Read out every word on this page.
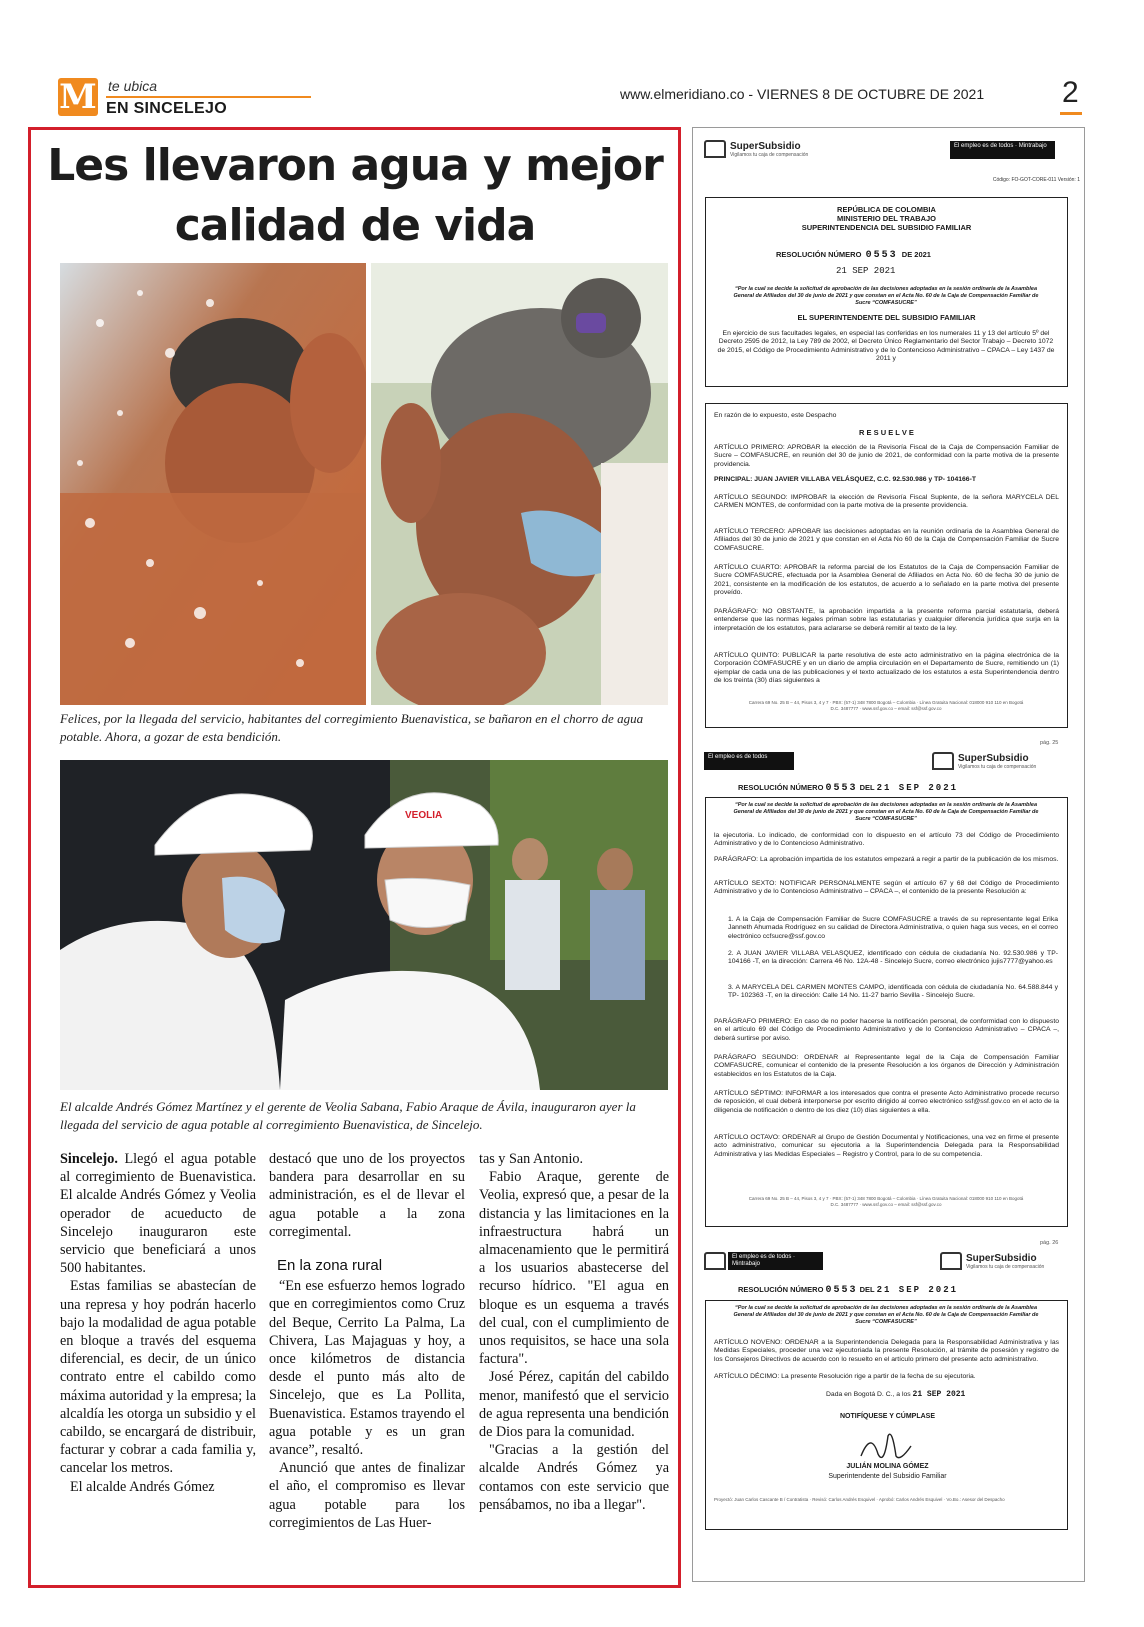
M te ubica
EN SINCELEJO
www.elmeridiano.co - VIERNES 8 DE OCTUBRE DE 2021	2
Les llevaron agua y mejor calidad de vida
Felices, por la llegada del servicio, habitantes del corregimiento Buenavistica, se bañaron en el chorro de agua potable. Ahora, a gozar de esta bendición.
VEOLIA
El alcalde Andrés Gómez Martínez y el gerente de Veolia Sabana, Fabio Araque de Ávila, inauguraron ayer la llegada del servicio de agua potable al corregimiento Buenavistica, de Sincelejo.

Sincelejo. Llegó el agua potable al corregimiento de Buenavistica. El alcalde Andrés Gómez y Veolia operador de acueducto de Sincelejo inauguraron este servicio que beneficiará a unos 500 habitantes.

Estas familias se abastecían de una represa y hoy podrán hacerlo bajo la modalidad de agua potable en bloque a través del esquema diferencial, es decir, de un único contrato entre el cabildo como máxima autoridad y la empresa; la alcaldía les otorga un subsidio y el cabildo, se encargará de distribuir, facturar y cobrar a cada familia y, cancelar los metros.

El alcalde Andrés Gómez

destacó que uno de los proyectos bandera para desarrollar en su administración, es el de llevar el agua potable a la zona corregimental.

En la zona rural

“En ese esfuerzo hemos logrado que en corregimientos como Cruz del Beque, Cerrito La Palma, La Chivera, Las Majaguas y hoy, a once kilómetros de distancia desde el punto más alto de Sincelejo, que es La Pollita, Buenavistica. Estamos trayendo el agua potable y es un gran avance”, resaltó.

Anunció que antes de finalizar el año, el compromiso es llevar agua potable para los corregimientos de Las Huer-

tas y San Antonio.

Fabio Araque, gerente de Veolia, expresó que, a pesar de la distancia y las limitaciones en la infraestructura habrá un almacenamiento que le permitirá a los usuarios abastecerse del recurso hídrico. "El agua en bloque es un esquema a través del cual, con el cumplimiento de unos requisitos, se hace una sola factura".

José Pérez, capitán del cabildo menor, manifestó que el servicio de agua representa una bendición de Dios para la comunidad.

"Gracias a la gestión del alcalde Andrés Gómez ya contamos con este servicio que pensábamos, no iba a llegar".

SuperSubsidio
Vigilamos tu caja de compensación
El empleo es de todos · Mintrabajo
Código: FO-GOT-CORE-011 Versión: 1
REPÚBLICA DE COLOMBIA
MINISTERIO DEL TRABAJO
SUPERINTENDENCIA DEL SUBSIDIO FAMILIAR
RESOLUCIÓN NÚMERO 0553 DE 2021
21 SEP 2021
“Por la cual se decide la solicitud de aprobación de las decisiones adoptadas en la sesión ordinaria de la Asamblea General de Afiliados del 30 de junio de 2021 y que constan en el Acta No. 60 de la Caja de Compensación Familiar de Sucre “COMFASUCRE”
EL SUPERINTENDENTE DEL SUBSIDIO FAMILIAR
En ejercicio de sus facultades legales, en especial las conferidas en los numerales 11 y 13 del artículo 5º del Decreto 2595 de 2012, la Ley 789 de 2002, el Decreto Único Reglamentario del Sector Trabajo – Decreto 1072 de 2015, el Código de Procedimiento Administrativo y de lo Contencioso Administrativo – CPACA – Ley 1437 de 2011 y
En razón de lo expuesto, este Despacho
R E S U E L V E
ARTÍCULO PRIMERO: APROBAR la elección de la Revisoría Fiscal de la Caja de Compensación Familiar de Sucre – COMFASUCRE, en reunión del 30 de junio de 2021, de conformidad con la parte motiva de la presente providencia.
PRINCIPAL: JUAN JAVIER VILLABA VELÁSQUEZ, C.C. 92.530.986 y TP- 104166-T
ARTÍCULO SEGUNDO: IMPROBAR la elección de Revisoría Fiscal Suplente, de la señora MARYCELA DEL CARMEN MONTES, de conformidad con la parte motiva de la presente providencia.
ARTÍCULO TERCERO: APROBAR las decisiones adoptadas en la reunión ordinaria de la Asamblea General de Afiliados del 30 de junio de 2021 y que constan en el Acta No 60 de la Caja de Compensación Familiar de Sucre COMFASUCRE.
ARTÍCULO CUARTO: APROBAR la reforma parcial de los Estatutos de la Caja de Compensación Familiar de Sucre COMFASUCRE, efectuada por la Asamblea General de Afiliados en Acta No. 60 de fecha 30 de junio de 2021, consistente en la modificación de los estatutos, de acuerdo a lo señalado en la parte motiva del presente proveído.
PARÁGRAFO: NO OBSTANTE, la aprobación impartida a la presente reforma parcial estatutaria, deberá entenderse que las normas legales priman sobre las estatutarias y cualquier diferencia jurídica que surja en la interpretación de los estatutos, para aclararse se deberá remitir al texto de la ley.
ARTÍCULO QUINTO: PUBLICAR la parte resolutiva de este acto administrativo en la página electrónica de la Corporación COMFASUCRE y en un diario de amplia circulación en el Departamento de Sucre, remitiendo un (1) ejemplar de cada una de las publicaciones y el texto actualizado de los estatutos a esta Superintendencia dentro de los treinta (30) días siguientes a
Carrera 69 No. 25 B – 44, Pisos 3, 4 y 7 · PBX: (57-1) 348 7800 Bogotá – Colombia · Línea Gratuita Nacional: 018000 910 110 en Bogotá D.C. 3487777 · www.ssf.gov.co – email: ssf@ssf.gov.co
pág. 25
El empleo es de todos	SuperSubsidio
Vigilamos tu caja de compensación
RESOLUCIÓN NÚMERO 0553 DEL 21 SEP 2021
“Por la cual se decide la solicitud de aprobación de las decisiones adoptadas en la sesión ordinaria de la Asamblea General de Afiliados del 30 de junio de 2021 y que constan en el Acta No. 60 de la Caja de Compensación Familiar de Sucre “COMFASUCRE”
la ejecutoria. Lo indicado, de conformidad con lo dispuesto en el artículo 73 del Código de Procedimiento Administrativo y de lo Contencioso Administrativo.
PARÁGRAFO: La aprobación impartida de los estatutos empezará a regir a partir de la publicación de los mismos.
ARTÍCULO SEXTO: NOTIFICAR PERSONALMENTE según el artículo 67 y 68 del Código de Procedimiento Administrativo y de lo Contencioso Administrativo – CPACA –, el contenido de la presente Resolución a:
1. A la Caja de Compensación Familiar de Sucre COMFASUCRE a través de su representante legal Erika Janneth Ahumada Rodríguez en su calidad de Directora Administrativa, o quien haga sus veces, en el correo electrónico ccfsucre@ssf.gov.co
2. A JUAN JAVIER VILLABA VELASQUEZ, identificado con cédula de ciudadanía No. 92.530.986 y TP- 104166 -T, en la dirección: Carrera 46 No. 12A-48 - Sincelejo Sucre, correo electrónico jujis7777@yahoo.es
3. A MARYCELA DEL CARMEN MONTES CAMPO, identificada con cédula de ciudadanía No. 64.588.844 y TP- 102363 -T, en la dirección: Calle 14 No. 11-27 barrio Sevilla - Sincelejo Sucre.
PARÁGRAFO PRIMERO: En caso de no poder hacerse la notificación personal, de conformidad con lo dispuesto en el artículo 69 del Código de Procedimiento Administrativo y de lo Contencioso Administrativo – CPACA –, deberá surtirse por aviso.
PARÁGRAFO SEGUNDO: ORDENAR al Representante legal de la Caja de Compensación Familiar COMFASUCRE, comunicar el contenido de la presente Resolución a los órganos de Dirección y Administración establecidos en los Estatutos de la Caja.
ARTÍCULO SÉPTIMO: INFORMAR a los interesados que contra el presente Acto Administrativo procede recurso de reposición, el cual deberá interponerse por escrito dirigido al correo electrónico ssf@ssf.gov.co en el acto de la diligencia de notificación o dentro de los diez (10) días siguientes a ella.
ARTÍCULO OCTAVO: ORDENAR al Grupo de Gestión Documental y Notificaciones, una vez en firme el presente acto administrativo, comunicar su ejecutoria a la Superintendencia Delegada para la Responsabilidad Administrativa y las Medidas Especiales – Registro y Control, para lo de su competencia.
Carrera 69 No. 25 B – 44, Pisos 3, 4 y 7 · PBX: (57-1) 348 7800 Bogotá – Colombia · Línea Gratuita Nacional: 018000 910 110 en Bogotá D.C. 3487777 · www.ssf.gov.co – email: ssf@ssf.gov.co
pág. 26
El empleo es de todos · Mintrabajo	SuperSubsidio
Vigilamos tu caja de compensación
RESOLUCIÓN NÚMERO 0553 DEL 21 SEP 2021
“Por la cual se decide la solicitud de aprobación de las decisiones adoptadas en la sesión ordinaria de la Asamblea General de Afiliados del 30 de junio de 2021 y que constan en el Acta No. 60 de la Caja de Compensación Familiar de Sucre “COMFASUCRE”
ARTÍCULO NOVENO: ORDENAR a la Superintendencia Delegada para la Responsabilidad Administrativa y las Medidas Especiales, proceder una vez ejecutoriada la presente Resolución, al trámite de posesión y registro de los Consejeros Directivos de acuerdo con lo resuelto en el artículo primero del presente acto administrativo.
ARTÍCULO DÉCIMO: La presente Resolución rige a partir de la fecha de su ejecutoria.
Dada en Bogotá D. C., a los 21 SEP 2021
NOTIFÍQUESE Y CÚMPLASE
JULIÁN MOLINA GÓMEZ
Superintendente del Subsidio Familiar
Proyectó: Juan Carlos Cascante B / Contratista · Revisó: Carlos Andrés Esquivel · Aprobó: Carlos Andrés Esquivel · Vo.Bo.: Asesor del Despacho
